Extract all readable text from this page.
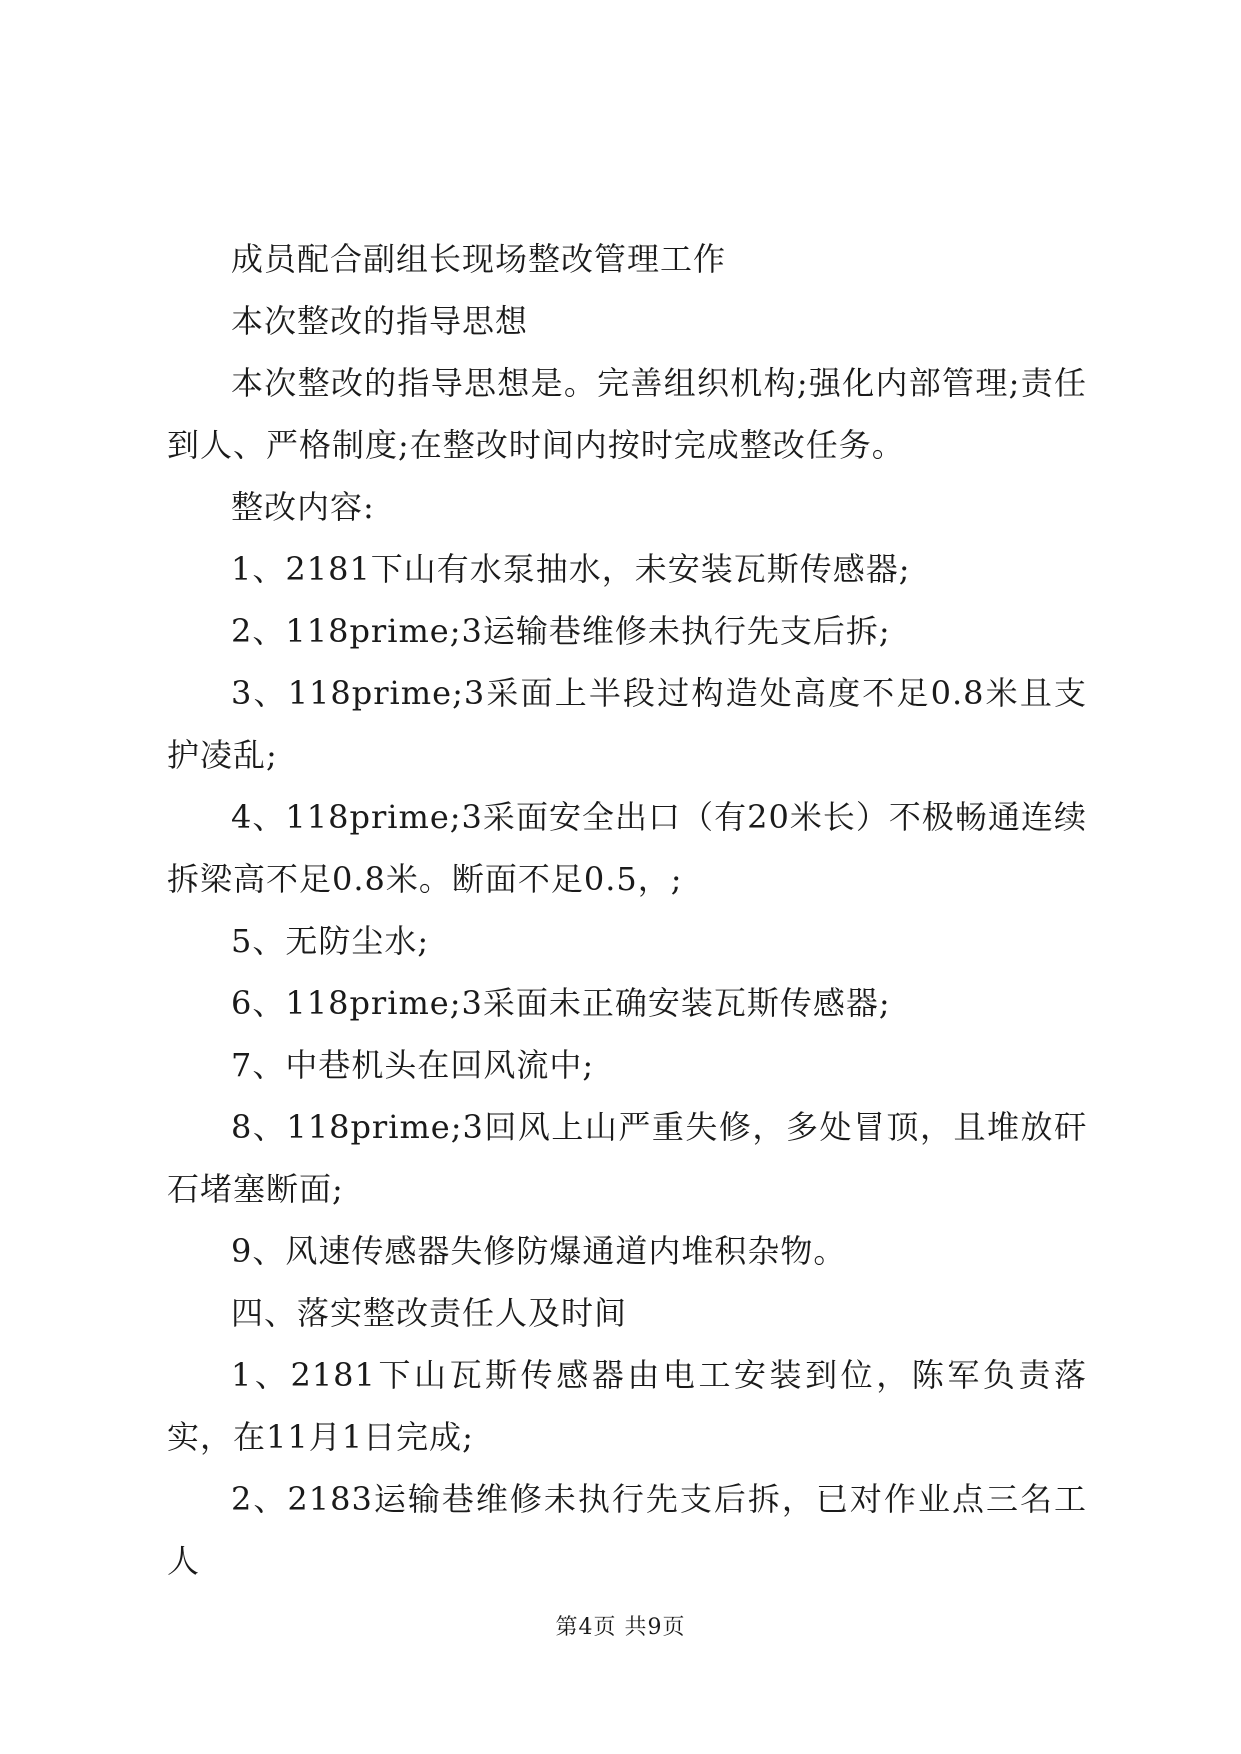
成员配合副组长现场整改管理工作

本次整改的指导思想

本次整改的指导思想是。完善组织机构;强化内部管理;责任到人、严格制度;在整改时间内按时完成整改任务。

整改内容:

1、2181下山有水泵抽水，未安装瓦斯传感器;

2、118prime;3运输巷维修未执行先支后拆;

3、118prime;3采面上半段过构造处高度不足0.8米且支护凌乱;

4、118prime;3采面安全出口（有20米长）不极畅通连续拆梁高不足0.8米。断面不足0.5，;

5、无防尘水;

6、118prime;3采面未正确安装瓦斯传感器;

7、中巷机头在回风流中;

8、118prime;3回风上山严重失修，多处冒顶，且堆放矸石堵塞断面;

9、风速传感器失修防爆通道内堆积杂物。

四、落实整改责任人及时间

1、2181下山瓦斯传感器由电工安装到位，陈军负责落实，在11月1日完成;

2、2183运输巷维修未执行先支后拆，已对作业点三名工人

第4页 共9页
